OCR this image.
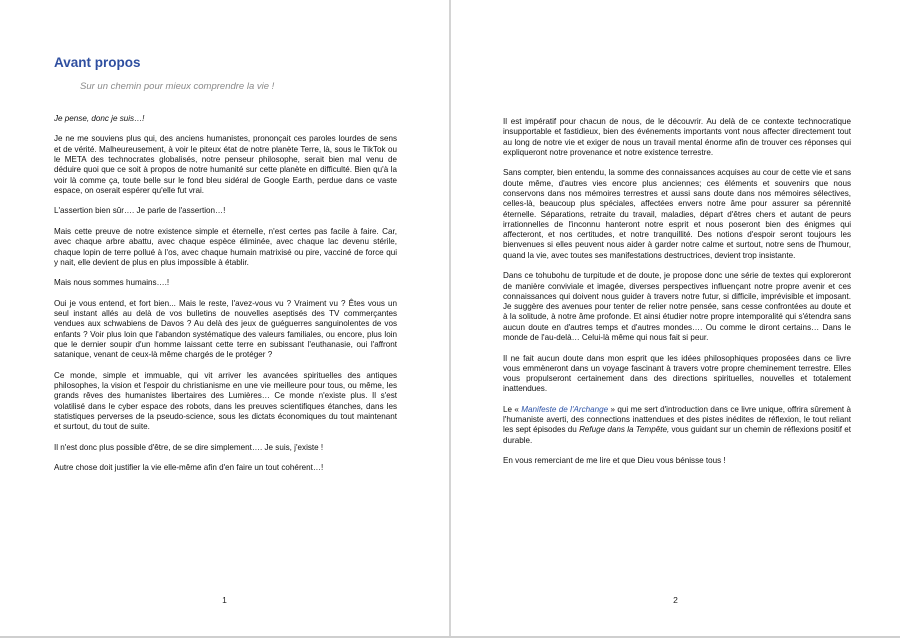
Avant propos

Sur un chemin pour mieux comprendre la vie !

Je pense, donc je suis…!

Je ne me souviens plus qui, des anciens humanistes, prononçait ces paroles lourdes de sens et de vérité. Malheureusement, à voir le piteux état de notre planète Terre, là, sous le TikTok ou le META des technocrates globalisés, notre penseur philosophe, serait bien mal venu de déduire quoi que ce soit à propos de notre humanité sur cette planète en difficulté. Bien qu'à la voir là comme ça, toute belle sur le fond bleu sidéral de Google Earth, perdue dans ce vaste espace, on oserait espérer qu'elle fut vrai.

L'assertion bien sûr…. Je parle de l'assertion…!

Mais cette preuve de notre existence simple et éternelle, n'est certes pas facile à faire. Car, avec chaque arbre abattu, avec chaque espèce éliminée, avec chaque lac devenu stérile, chaque lopin de terre pollué à l'os, avec chaque humain matrixisé ou pire, vacciné de force qui y nait, elle devient de plus en plus impossible à établir.

Mais nous sommes humains….!

Oui je vous entend, et fort bien... Mais le reste, l'avez-vous vu ? Vraiment vu ? Êtes vous un seul instant allés au delà de vos bulletins de nouvelles aseptisés des TV commerçantes vendues aux schwabiens de Davos ? Au delà des jeux de guéguerres sanguinolentes de vos enfants ? Voir plus loin que l'abandon systématique des valeurs familiales, ou encore, plus loin que le dernier soupir d'un homme laissant cette terre en subissant l'euthanasie, oui l'affront satanique, venant de ceux-là même chargés de le protéger ?

Ce monde, simple et immuable, qui vit arriver les avancées spirituelles des antiques philosophes, la vision et l'espoir du christianisme en une vie meilleure pour tous, ou même, les grands rêves des humanistes libertaires des Lumières… Ce monde n'existe plus. Il s'est volatilisé dans le cyber espace des robots, dans les preuves scientifiques étanches, dans les statistiques perverses de la pseudo-science, sous les dictats économiques du tout maintenant et surtout, du tout de suite.

Il n'est donc plus possible d'être, de se dire simplement…. Je suis, j'existe !

Autre chose doit justifier la vie elle-même afin d'en faire un tout cohérent…!

1

Il est impératif pour chacun de nous, de le découvrir. Au delà de ce contexte technocratique insupportable et fastidieux, bien des événements importants vont nous affecter directement tout au long de notre vie et exiger de nous un travail mental énorme afin de trouver ces réponses qui expliqueront notre provenance et notre existence terrestre.

Sans compter, bien entendu, la somme des connaissances acquises au cour de cette vie et sans doute même, d'autres vies encore plus anciennes; ces éléments et souvenirs que nous conservons dans nos mémoires terrestres et aussi sans doute dans nos mémoires sélectives, celles-là, beaucoup plus spéciales, affectées envers notre âme pour assurer sa pérennité éternelle. Séparations, retraite du travail, maladies, départ d'êtres chers et autant de peurs irrationnelles de l'inconnu hanteront notre esprit et nous poseront bien des énigmes qui affecteront, et nos certitudes, et notre tranquillité. Des notions d'espoir seront toujours les bienvenues si elles peuvent nous aider à garder notre calme et surtout, notre sens de l'humour, quand la vie, avec toutes ses manifestations destructrices, devient trop insistante.

Dans ce tohubohu de turpitude et de doute, je propose donc une série de textes qui exploreront de manière conviviale et imagée, diverses perspectives influençant notre propre avenir et ces connaissances qui doivent nous guider à travers notre futur, si difficile, imprévisible et imposant. Je suggère des avenues pour tenter de relier notre pensée, sans cesse confrontées au doute et à la solitude, à notre âme profonde. Et ainsi étudier notre propre intemporalité qui s'étendra sans aucun doute en d'autres temps et d'autres mondes…. Ou comme le diront certains… Dans le monde de l'au-delà… Celui-là même qui nous fait si peur.

Il ne fait aucun doute dans mon esprit que les idées philosophiques proposées dans ce livre vous emmèneront dans un voyage fascinant à travers votre propre cheminement terrestre. Elles vous propulseront certainement dans des directions spirituelles, nouvelles et totalement inattendues.

Le « Manifeste de l'Archange » qui me sert d'introduction dans ce livre unique, offrira sûrement à l'humaniste averti, des connections inattendues et des pistes inédites de réflexion, le tout reliant les sept épisodes du Refuge dans la Tempête, vous guidant sur un chemin de réflexions positif et durable.

En vous remerciant de me lire et que Dieu vous bénisse tous !

2
